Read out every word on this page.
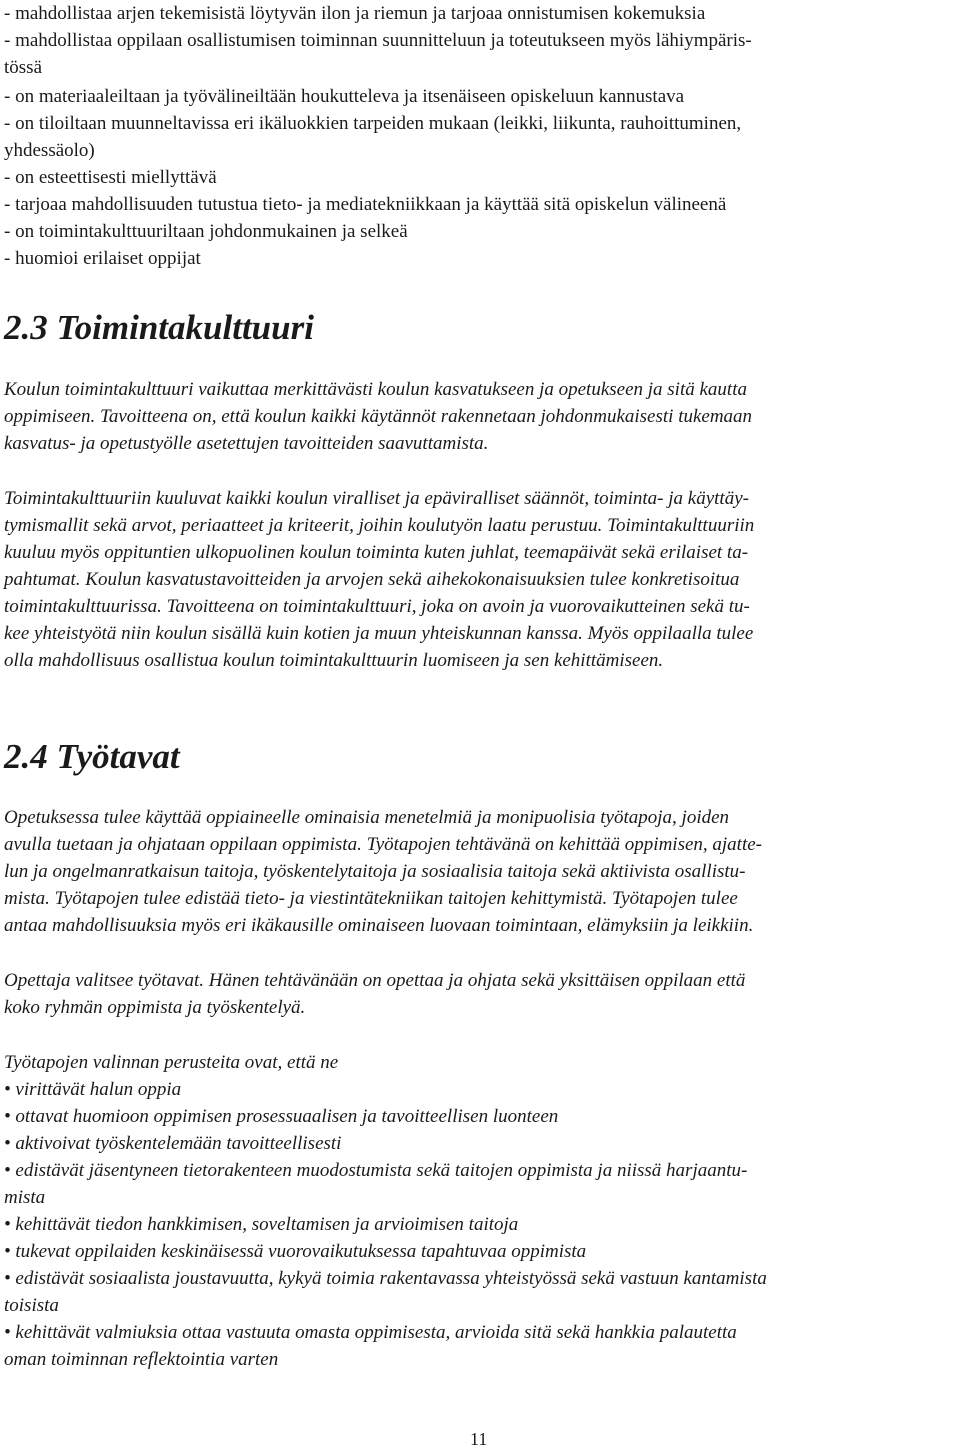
- mahdollistaa arjen tekemisistä löytyvän ilon ja riemun ja tarjoaa onnistumisen kokemuksia
- mahdollistaa oppilaan osallistumisen toiminnan suunnitteluun ja toteutukseen myös lähiympäris-
tössä
- on materiaaleiltaan ja työvälineiltään houkutteleva ja itsenäiseen opiskeluun kannustava
- on tiloiltaan muunneltavissa eri ikäluokkien tarpeiden mukaan (leikki, liikunta, rauhoittuminen,
yhdessäolo)
- on esteettisesti miellyttävä
- tarjoaa mahdollisuuden tutustua tieto- ja mediatekniikkaan ja käyttää sitä opiskelun välineenä
- on toimintakulttuuriltaan johdonmukainen ja selkeä
- huomioi erilaiset oppijat
2.3 Toimintakulttuuri
Koulun toimintakulttuuri vaikuttaa merkittävästi koulun kasvatukseen ja opetukseen ja sitä kautta
oppimiseen. Tavoitteena on, että koulun kaikki käytännöt rakennetaan johdonmukaisesti tukemaan
kasvatus- ja opetustyölle asetettujen tavoitteiden saavuttamista.
Toimintakulttuuriin kuuluvat kaikki koulun viralliset ja epäviralliset säännöt, toiminta- ja käyttäy-
tymismallit sekä arvot, periaatteet ja kriteerit, joihin koulutyön laatu perustuu. Toimintakulttuuriin
kuuluu myös oppituntien ulkopuolinen koulun toiminta kuten juhlat, teemapäivät sekä erilaiset ta-
pahtumat. Koulun kasvatustavoitteiden ja arvojen sekä aihekokonaisuuksien tulee konkretisoitua
toimintakulttuurissa. Tavoitteena on toimintakulttuuri, joka on avoin ja vuorovaikutteinen sekä tu-
kee yhteistyötä niin koulun sisällä kuin kotien ja muun yhteiskunnan kanssa. Myös oppilaalla tulee
olla mahdollisuus osallistua koulun toimintakulttuurin luomiseen ja sen kehittämiseen.
2.4 Työtavat
Opetuksessa tulee käyttää oppiaineelle ominaisia menetelmiä ja monipuolisia työtapoja, joiden
avulla tuetaan ja ohjataan oppilaan oppimista. Työtapojen tehtävänä on kehittää oppimisen, ajatte-
lun ja ongelmanratkaisun taitoja, työskentelytaitoja ja sosiaalisia taitoja sekä aktiivista osallistu-
mista. Työtapojen tulee edistää tieto- ja viestintätekniikan taitojen kehittymistä. Työtapojen tulee
antaa mahdollisuuksia myös eri ikäkausille ominaiseen luovaan toimintaan, elämyksiin ja leikkiin.
Opettaja valitsee työtavat. Hänen tehtävänään on opettaa ja ohjata sekä yksittäisen oppilaan että
koko ryhmän oppimista ja työskentelyä.
Työtapojen valinnan perusteita ovat, että ne
• virittävät halun oppia
• ottavat huomioon oppimisen prosessuaalisen ja tavoitteellisen luonteen
• aktivoivat työskentelemään tavoitteellisesti
• edistävät jäsentyneen tietorakenteen muodostumista sekä taitojen oppimista ja niissä harjaantu-
mista
• kehittävät tiedon hankkimisen, soveltamisen ja arvioimisen taitoja
• tukevat oppilaiden keskinäisessä vuorovaikutuksessa tapahtuvaa oppimista
• edistävät sosiaalista joustavuutta, kykyä toimia rakentavassa yhteistyössä sekä vastuun kantamista
toisista
• kehittävät valmiuksia ottaa vastuuta omasta oppimisesta, arvioida sitä sekä hankkia palautetta
oman toiminnan reflektointia varten
11
